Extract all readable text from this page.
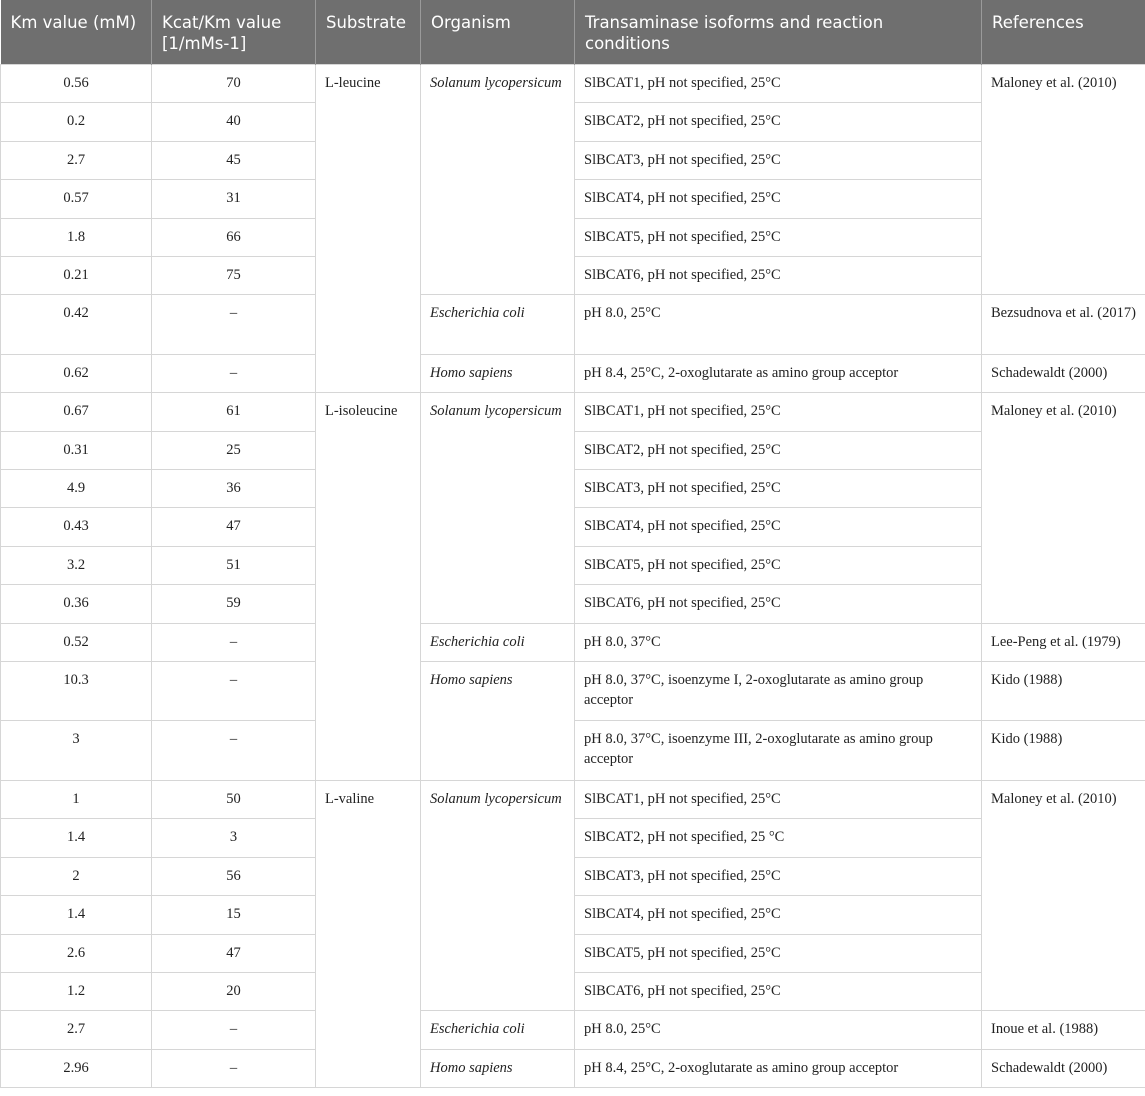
Km value (mM)	Kcat/Km value [1/mMs-1]	Substrate	Organism	Transaminase isoforms and reaction conditions	References
0.56	70	L-leucine	Solanum lycopersicum	SlBCAT1, pH not specified, 25°C	Maloney et al. (2010)
0.2	40			SlBCAT2, pH not specified, 25°C	
2.7	45			SlBCAT3, pH not specified, 25°C	
0.57	31			SlBCAT4, pH not specified, 25°C	
1.8	66			SlBCAT5, pH not specified, 25°C	
0.21	75			SlBCAT6, pH not specified, 25°C	
0.42	–		Escherichia coli	pH 8.0, 25°C	Bezsudnova et al. (2017)
0.62	–		Homo sapiens	pH 8.4, 25°C, 2-oxoglutarate as amino group acceptor	Schadewaldt (2000)
0.67	61	L-isoleucine	Solanum lycopersicum	SlBCAT1, pH not specified, 25°C	Maloney et al. (2010)
0.31	25			SlBCAT2, pH not specified, 25°C	
4.9	36			SlBCAT3, pH not specified, 25°C	
0.43	47			SlBCAT4, pH not specified, 25°C	
3.2	51			SlBCAT5, pH not specified, 25°C	
0.36	59			SlBCAT6, pH not specified, 25°C	
0.52	–		Escherichia coli	pH 8.0, 37°C	Lee-Peng et al. (1979)
10.3	–		Homo sapiens	pH 8.0, 37°C, isoenzyme I, 2-oxoglutarate as amino group acceptor	Kido (1988)
3	–			pH 8.0, 37°C, isoenzyme III, 2-oxoglutarate as amino group acceptor	Kido (1988)
1	50	L-valine	Solanum lycopersicum	SlBCAT1, pH not specified, 25°C	Maloney et al. (2010)
1.4	3			SlBCAT2, pH not specified, 25 °C	
2	56			SlBCAT3, pH not specified, 25°C	
1.4	15			SlBCAT4, pH not specified, 25°C	
2.6	47			SlBCAT5, pH not specified, 25°C	
1.2	20			SlBCAT6, pH not specified, 25°C	
2.7	–		Escherichia coli	pH 8.0, 25°C	Inoue et al. (1988)
2.96	–		Homo sapiens	pH 8.4, 25°C, 2-oxoglutarate as amino group acceptor	Schadewaldt (2000)
